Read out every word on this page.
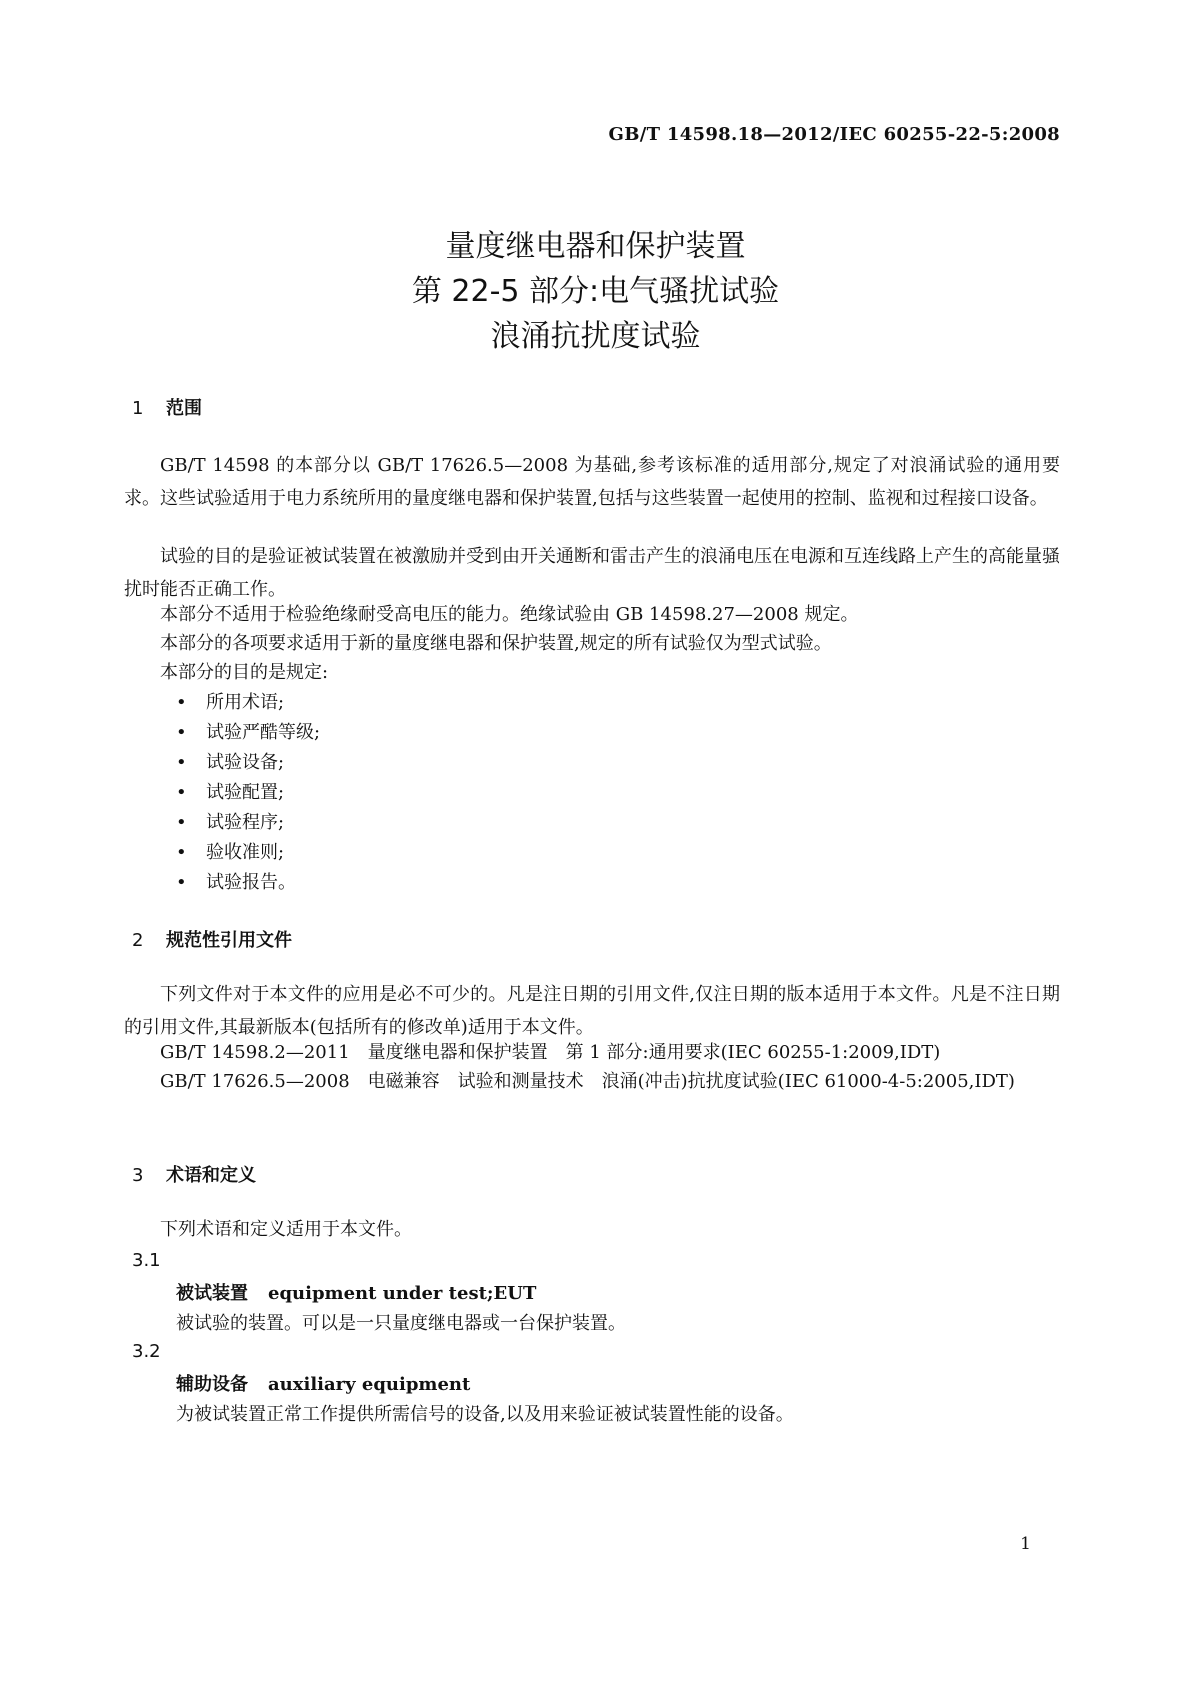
GB/T 14598.18—2012/IEC 60255-22-5:2008
量度继电器和保护装置
第 22-5 部分:电气骚扰试验
浪涌抗扰度试验
1 范围
GB/T 14598 的本部分以 GB/T 17626.5—2008 为基础,参考该标准的适用部分,规定了对浪涌试验的通用要求。这些试验适用于电力系统所用的量度继电器和保护装置,包括与这些装置一起使用的控制、监视和过程接口设备。
试验的目的是验证被试装置在被激励并受到由开关通断和雷击产生的浪涌电压在电源和互连线路上产生的高能量骚扰时能否正确工作。
本部分不适用于检验绝缘耐受高电压的能力。绝缘试验由 GB 14598.27—2008 规定。
本部分的各项要求适用于新的量度继电器和保护装置,规定的所有试验仅为型式试验。
本部分的目的是规定:
• 所用术语;
• 试验严酷等级;
• 试验设备;
• 试验配置;
• 试验程序;
• 验收准则;
• 试验报告。
2 规范性引用文件
下列文件对于本文件的应用是必不可少的。凡是注日期的引用文件,仅注日期的版本适用于本文件。凡是不注日期的引用文件,其最新版本(包括所有的修改单)适用于本文件。
GB/T 14598.2—2011　量度继电器和保护装置　第 1 部分:通用要求(IEC 60255-1:2009,IDT)
GB/T 17626.5—2008　电磁兼容　试验和测量技术　浪涌(冲击)抗扰度试验(IEC 61000-4-5:2005,IDT)
3 术语和定义
下列术语和定义适用于本文件。
3.1
被试装置 equipment under test;EUT
被试验的装置。可以是一只量度继电器或一台保护装置。
3.2
辅助设备 auxiliary equipment
为被试装置正常工作提供所需信号的设备,以及用来验证被试装置性能的设备。
1
